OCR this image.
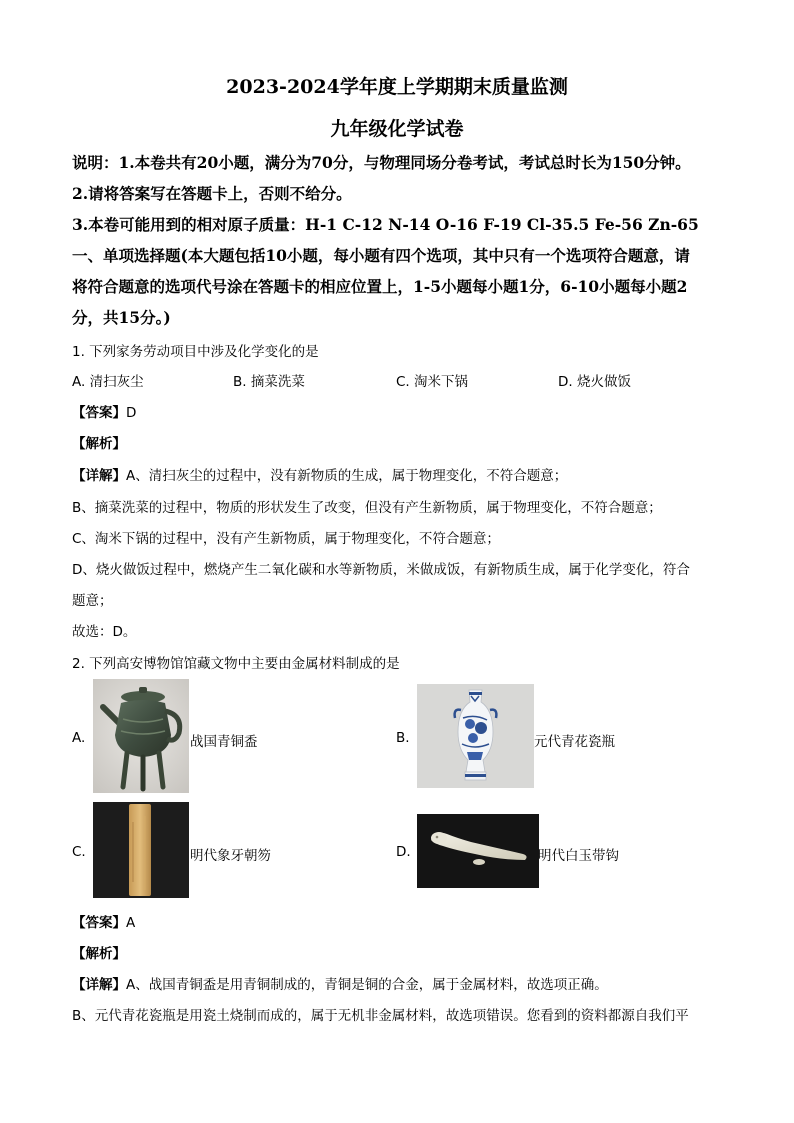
2023-2024学年度上学期期末质量监测
九年级化学试卷
说明：1.本卷共有20小题，满分为70分，与物理同场分卷考试，考试总时长为150分钟。
2.请将答案写在答题卡上，否则不给分。
3.本卷可能用到的相对原子质量：H-1 C-12 N-14 O-16 F-19 Cl-35.5 Fe-56 Zn-65
一、单项选择题(本大题包括10小题，每小题有四个选项，其中只有一个选项符合题意，请
将符合题意的选项代号涂在答题卡的相应位置上，1-5小题每小题1分，6-10小题每小题2
分，共15分。)
1. 下列家务劳动项目中涉及化学变化的是
A. 清扫灰尘	B. 摘菜洗菜	C. 淘米下锅	D. 烧火做饭
【答案】D
【解析】
【详解】A、清扫灰尘的过程中，没有新物质的生成，属于物理变化，不符合题意；
B、摘菜洗菜的过程中，物质的形状发生了改变，但没有产生新物质，属于物理变化，不符合题意；
C、淘米下锅的过程中，没有产生新物质，属于物理变化，不符合题意；
D、烧火做饭过程中，燃烧产生二氧化碳和水等新物质，米做成饭，有新物质生成，属于化学变化，符合
题意；
故选：D。
2. 下列高安博物馆馆藏文物中主要由金属材料制成的是
A.	战国青铜盉	B.	元代青花瓷瓶
C.	明代象牙朝笏	D.	明代白玉带钩
【答案】A
【解析】
【详解】A、战国青铜盉是用青铜制成的，青铜是铜的合金，属于金属材料，故选项正确。
B、元代青花瓷瓶是用瓷土烧制而成的，属于无机非金属材料，故选项错误。您看到的资料都源自我们平
